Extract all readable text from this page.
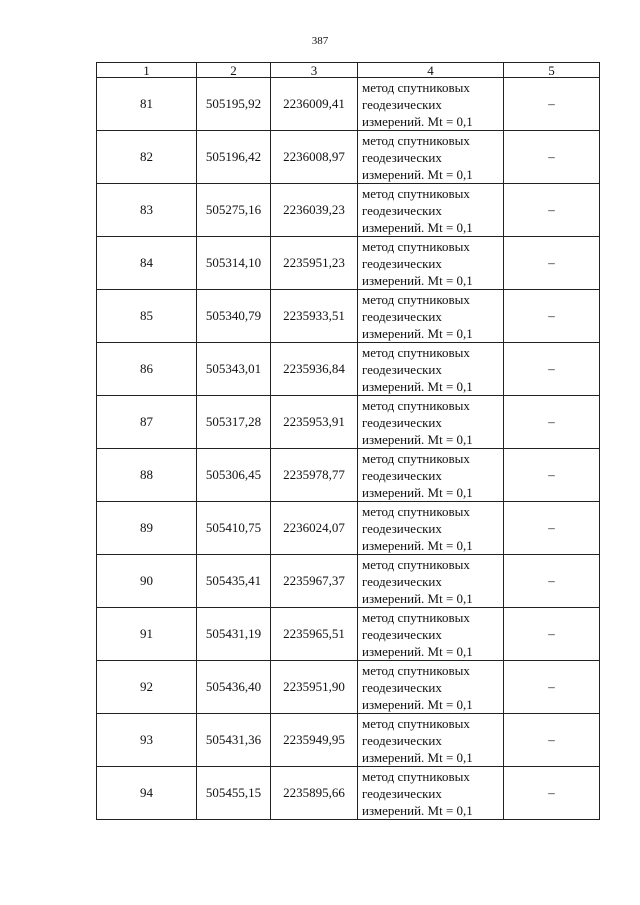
387
1	2	3	4	5
81	505195,92	2236009,41	метод спутниковых
геодезических
измерений. Mt = 0,1	–
82	505196,42	2236008,97	метод спутниковых
геодезических
измерений. Mt = 0,1	–
83	505275,16	2236039,23	метод спутниковых
геодезических
измерений. Mt = 0,1	–
84	505314,10	2235951,23	метод спутниковых
геодезических
измерений. Mt = 0,1	–
85	505340,79	2235933,51	метод спутниковых
геодезических
измерений. Mt = 0,1	–
86	505343,01	2235936,84	метод спутниковых
геодезических
измерений. Mt = 0,1	–
87	505317,28	2235953,91	метод спутниковых
геодезических
измерений. Mt = 0,1	–
88	505306,45	2235978,77	метод спутниковых
геодезических
измерений. Mt = 0,1	–
89	505410,75	2236024,07	метод спутниковых
геодезических
измерений. Mt = 0,1	–
90	505435,41	2235967,37	метод спутниковых
геодезических
измерений. Mt = 0,1	–
91	505431,19	2235965,51	метод спутниковых
геодезических
измерений. Mt = 0,1	–
92	505436,40	2235951,90	метод спутниковых
геодезических
измерений. Mt = 0,1	–
93	505431,36	2235949,95	метод спутниковых
геодезических
измерений. Mt = 0,1	–
94	505455,15	2235895,66	метод спутниковых
геодезических
измерений. Mt = 0,1	–
